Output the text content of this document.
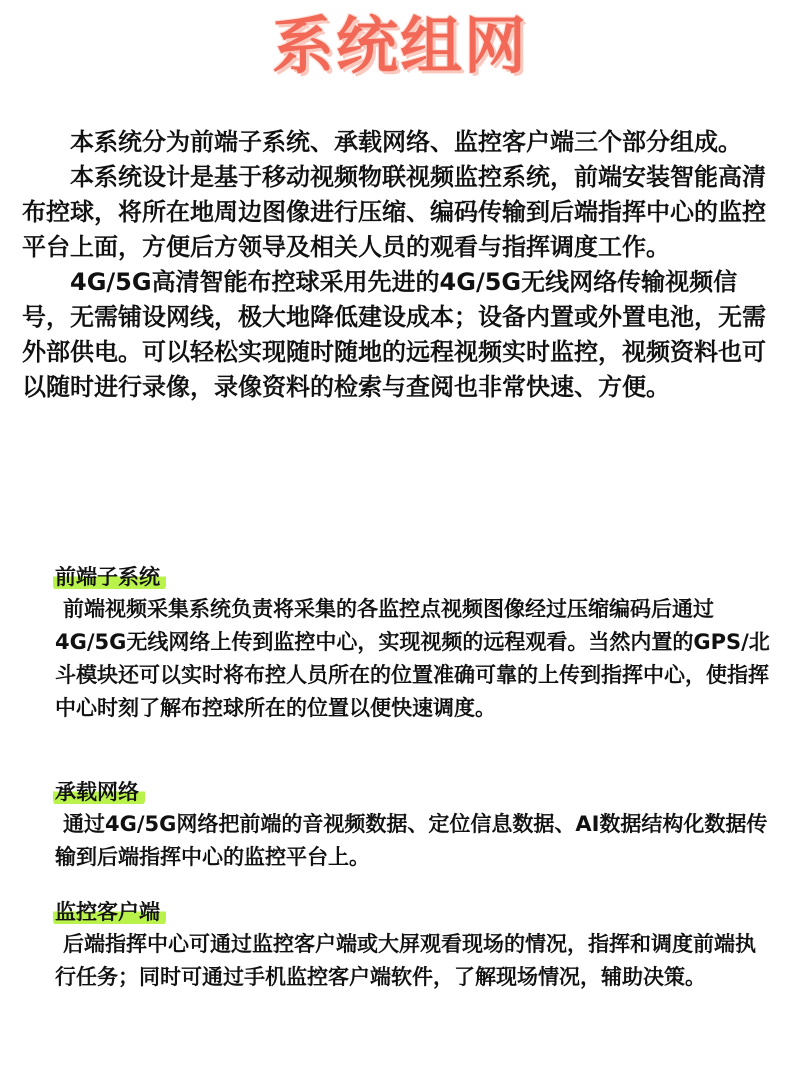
系统组网

本系统分为前端子系统、承载网络、监控客户端三个部分组成。

本系统设计是基于移动视频物联视频监控系统，前端安装智能高清布控球，将所在地周边图像进行压缩、编码传输到后端指挥中心的监控平台上面，方便后方领导及相关人员的观看与指挥调度工作。

4G/5G高清智能布控球采用先进的4G/5G无线网络传输视频信号，无需铺设网线，极大地降低建设成本；设备内置或外置电池，无需外部供电。可以轻松实现随时随地的远程视频实时监控，视频资料也可以随时进行录像，录像资料的检索与查阅也非常快速、方便。

前端子系统

前端视频采集系统负责将采集的各监控点视频图像经过压缩编码后通过4G/5G无线网络上传到监控中心，实现视频的远程观看。当然内置的GPS/北斗模块还可以实时将布控人员所在的位置准确可靠的上传到指挥中心，使指挥中心时刻了解布控球所在的位置以便快速调度。

承载网络

通过4G/5G网络把前端的音视频数据、定位信息数据、AI数据结构化数据传输到后端指挥中心的监控平台上。

监控客户端

后端指挥中心可通过监控客户端或大屏观看现场的情况，指挥和调度前端执行任务；同时可通过手机监控客户端软件，了解现场情况，辅助决策。
